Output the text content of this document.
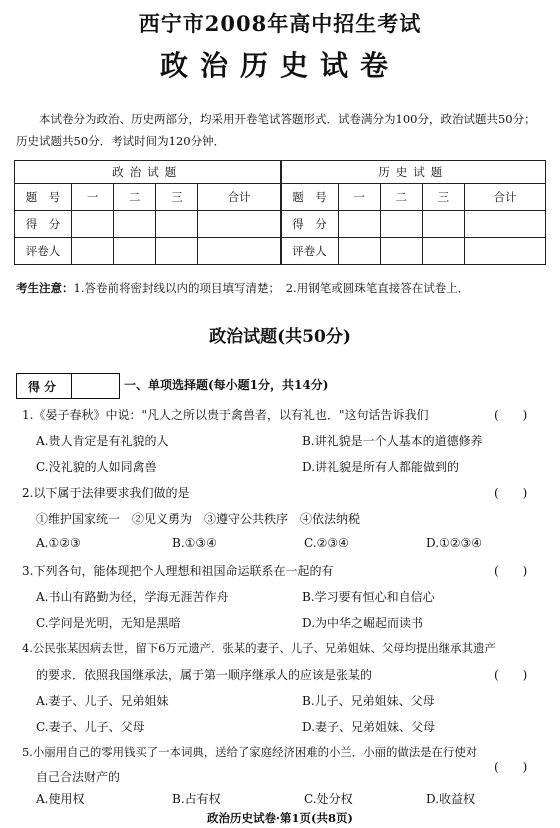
西宁市2008年高中招生考试
政治历史试卷
本试卷分为政治、历史两部分，均采用开卷笔试答题形式．试卷满分为100分，政治试题共50分；历史试题共50分．考试时间为120分钟．
政治试题					历史试题				
题　号	一	二	三	合计	题　号	一	二	三	合计
得　分					得　分				
评卷人					评卷人				
考生注意：1.答卷前将密封线以内的项目填写清楚；　2.用钢笔或圆珠笔直接答在试卷上．
政治试题(共50分)
得分	一、单项选择题(每小题1分，共14分)
1.《晏子春秋》中说："凡人之所以贵于禽兽者，以有礼也．"这句话告诉我们	(　　)
A.贵人肯定是有礼貌的人	B.讲礼貌是一个人基本的道德修养
C.没礼貌的人如同禽兽	D.讲礼貌是所有人都能做到的
2.以下属于法律要求我们做的是	(　　)
①维护国家统一　②见义勇为　③遵守公共秩序　④依法纳税
A.①②③	B.①③④	C.②③④	D.①②③④
3.下列各句，能体现把个人理想和祖国命运联系在一起的有	(　　)
A.书山有路勤为径，学海无涯苦作舟	B.学习要有恒心和自信心
C.学问是光明，无知是黑暗	D.为中华之崛起而读书
4.公民张某因病去世，留下6万元遗产．张某的妻子、儿子、兄弟姐妹、父母均提出继承其遗产
的要求．依照我国继承法，属于第一顺序继承人的应该是张某的	(　　)
A.妻子、儿子、兄弟姐妹	B.儿子、兄弟姐妹、父母
C.妻子、儿子、父母	D.妻子、兄弟姐妹、父母
5.小丽用自己的零用钱买了一本词典，送给了家庭经济困难的小兰．小丽的做法是在行使对
自己合法财产的
(　　)
A.使用权	B.占有权	C.处分权	D.收益权
政治历史试卷·第1页(共8页)
